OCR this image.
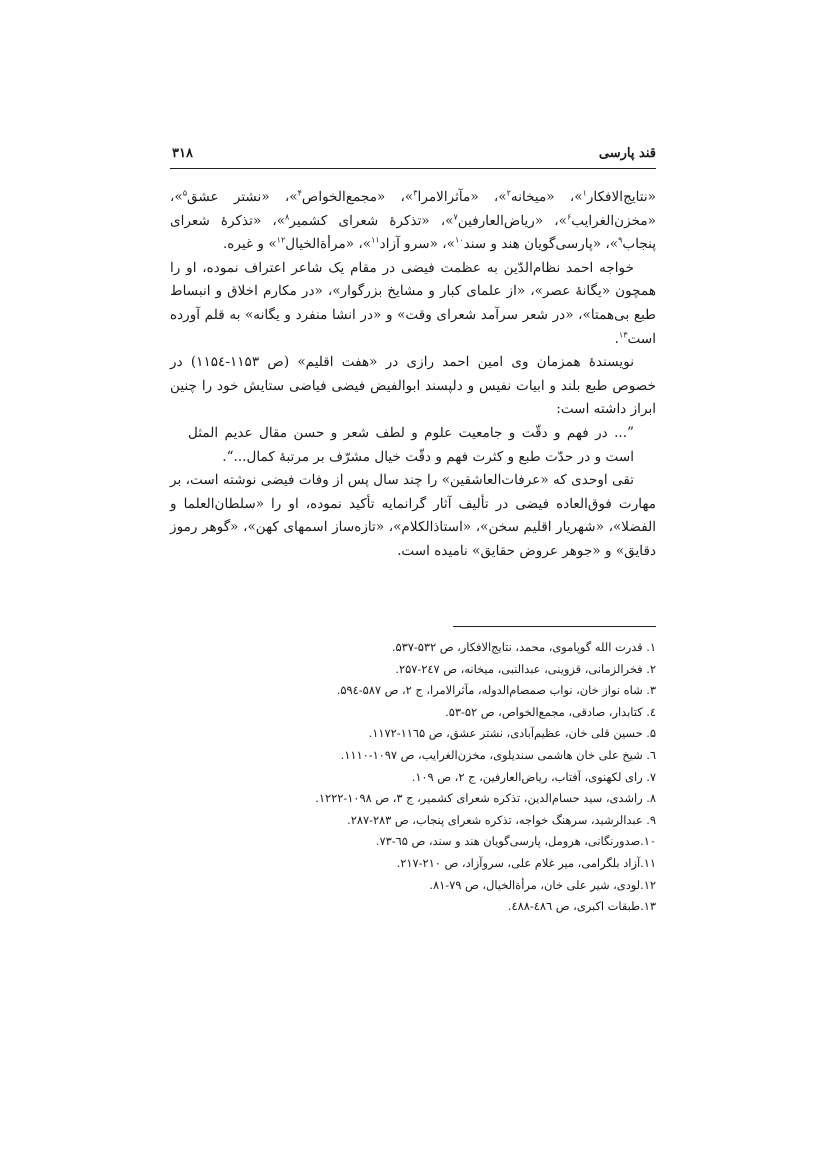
قند پارسی
۳۱۸

«نتایج‌الافکار$^۱$»، «میخانه$^۲$»، «مآثرالامرا$^۳$»، «مجمع‌الخواص$^۴$»، «نشتر عشق$^۵$»، «مخزن‌الغرایب$^۶$»، «ریاض‌العارفین$^۷$»، «تذکرهٔ شعرای کشمیر$^۸$»، «تذکرهٔ شعرای پنجاب$^۹$»، «پارسی‌گویان هند و سند$^{۱۰}$»، «سرو آزاد$^{۱۱}$»، «مرأةالخیال$^{۱۲}$» و غیره.

خواجه احمد نظام‌الدّین به عظمت فیضی در مقام یک شاعر اعتراف نموده، او را همچون «یگانهٔ عصر»، «از علمای کبار و مشایخ بزرگوار»، «در مکارم اخلاق و انبساط طبع بی‌همتا»، «در شعر سرآمد شعرای وقت» و «در انشا منفرد و یگانه» به قلم آورده است$^{۱۳}$.

نویسندهٔ همزمان وی امین احمد رازی در «هفت اقلیم» (ص ۱۱۵۳-۱۱۵٤) در خصوص طبع بلند و ابیات نفیس و دلپسند ابوالفیض فیضی فیاضی ستایش خود را چنین ابراز داشته است:

”... در فهم و دقّت و جامعیت علوم و لطف شعر و حسن مقال عدیم المثل است و در حدّت طبع و کثرت فهم و دقّت خیال مشرّف بر مرتبهٔ کمال...“.

تقی اوحدی که «عرفات‌العاشقین» را چند سال پس از وفات فیضی نوشته است، بر مهارت فوق‌العاده فیضی در تألیف آثار گرانمایه تأکید نموده، او را «سلطان‌العلما و الفضلا»، «شهریار اقلیم سخن»، «استاذالکلام»، «تازه‌ساز اسمهای کهن»، «گوهر رموز دقایق» و «جوهر عروض حقایق» نامیده است.

۱. قدرت الله گوپاموی، محمد، نتایج‌الافکار، ص ۵۳۲-۵۳۷.
۲. فخرالزمانی، قزوینی، عبدالنبی، میخانه، ص ۲٤۷-۲۵۷.
۳. شاه نواز خان، نواب صمصام‌الدوله، مآثرالامرا، ج ۲، ص ۵۸۷-۵۹٤.
٤. کتابدار، صادقی، مجمع‌الخواص، ص ۵۲-۵۳.
۵. حسین قلی خان، عظیم‌آبادی، نشتر عشق، ص ۱۱٦۵-۱۱۷۲.
٦. شیخ علی خان هاشمی سندیلوی، مخزن‌الغرایب، ص ۱۰۹۷-۱۱۱۰.
۷. رای لکهنوی، آفتاب، ریاض‌العارفین، ج ۲، ص ۱۰۹.
۸. راشدی، سید حسام‌الدین، تذکره شعرای کشمیر، ج ۳، ص ۱۰۹۸-۱۲۲۲.
۹. عبدالرشید، سرهنگ خواجه، تذکره شعرای پنجاب، ص ۲۸۳-۲۸۷.
۱۰.صدورنگانی، هرومل، پارسی‌گویان هند و سند، ص ٦۵-۷۳.
۱۱.آزاد بلگرامی، میر غلام علی، سروآزاد، ص ۲۱۰-۲۱۷.
۱۲.لودی، شیر علی خان، مرأةالخیال، ص ۷۹-۸۱.
۱۳.طبقات اکبری، ص ٤۸٦-٤۸۸.
